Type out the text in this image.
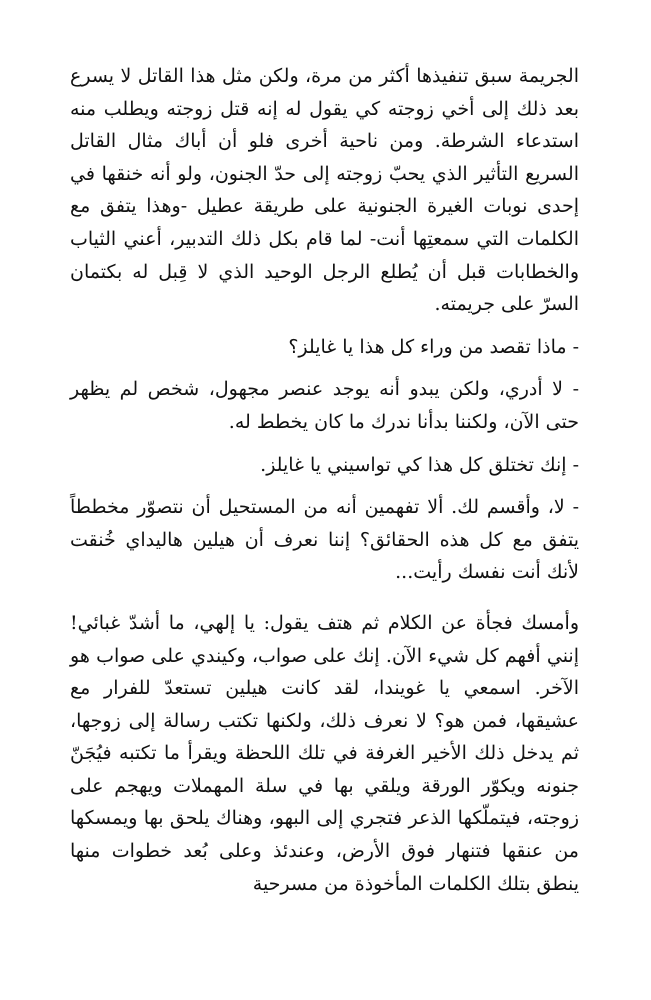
الجريمة سبق تنفيذها أكثر من مرة، ولكن مثل هذا القاتل لا يسرع بعد ذلك إلى أخي زوجته كي يقول له إنه قتل زوجته ويطلب منه استدعاء الشرطة. ومن ناحية أخرى فلو أن أباك مثال القاتل السريع التأثير الذي يحبّ زوجته إلى حدّ الجنون، ولو أنه خنقها في إحدى نوبات الغيرة الجنونية على طريقة عطيل -وهذا يتفق مع الكلمات التي سمعتِها أنت- لما قام بكل ذلك التدبير، أعني الثياب والخطابات قبل أن يُطلع الرجل الوحيد الذي لا قِبل له بكتمان السرّ على جريمته.

- ماذا تقصد من وراء كل هذا يا غايلز؟

- لا أدري، ولكن يبدو أنه يوجد عنصر مجهول، شخص لم يظهر حتى الآن، ولكننا بدأنا ندرك ما كان يخطط له.

- إنك تختلق كل هذا كي تواسيني يا غايلز.

- لا، وأقسم لك. ألا تفهمين أنه من المستحيل أن نتصوّر مخططاً يتفق مع كل هذه الحقائق؟ إننا نعرف أن هيلين هاليداي خُنقت لأنك أنت نفسك رأيت...

وأمسك فجأة عن الكلام ثم هتف يقول: يا إلهي، ما أشدّ غبائي! إنني أفهم كل شيء الآن. إنك على صواب، وكيندي على صواب هو الآخر. اسمعي يا غويندا، لقد كانت هيلين تستعدّ للفرار مع عشيقها، فمن هو؟ لا نعرف ذلك، ولكنها تكتب رسالة إلى زوجها، ثم يدخل ذلك الأخير الغرفة في تلك اللحظة ويقرأ ما تكتبه فيُجَنّ جنونه ويكوّر الورقة ويلقي بها في سلة المهملات ويهجم على زوجته، فيتملّكها الذعر فتجري إلى البهو، وهناك يلحق بها ويمسكها من عنقها فتنهار فوق الأرض، وعندئذ وعلى بُعد خطوات منها ينطق بتلك الكلمات المأخوذة من مسرحية
